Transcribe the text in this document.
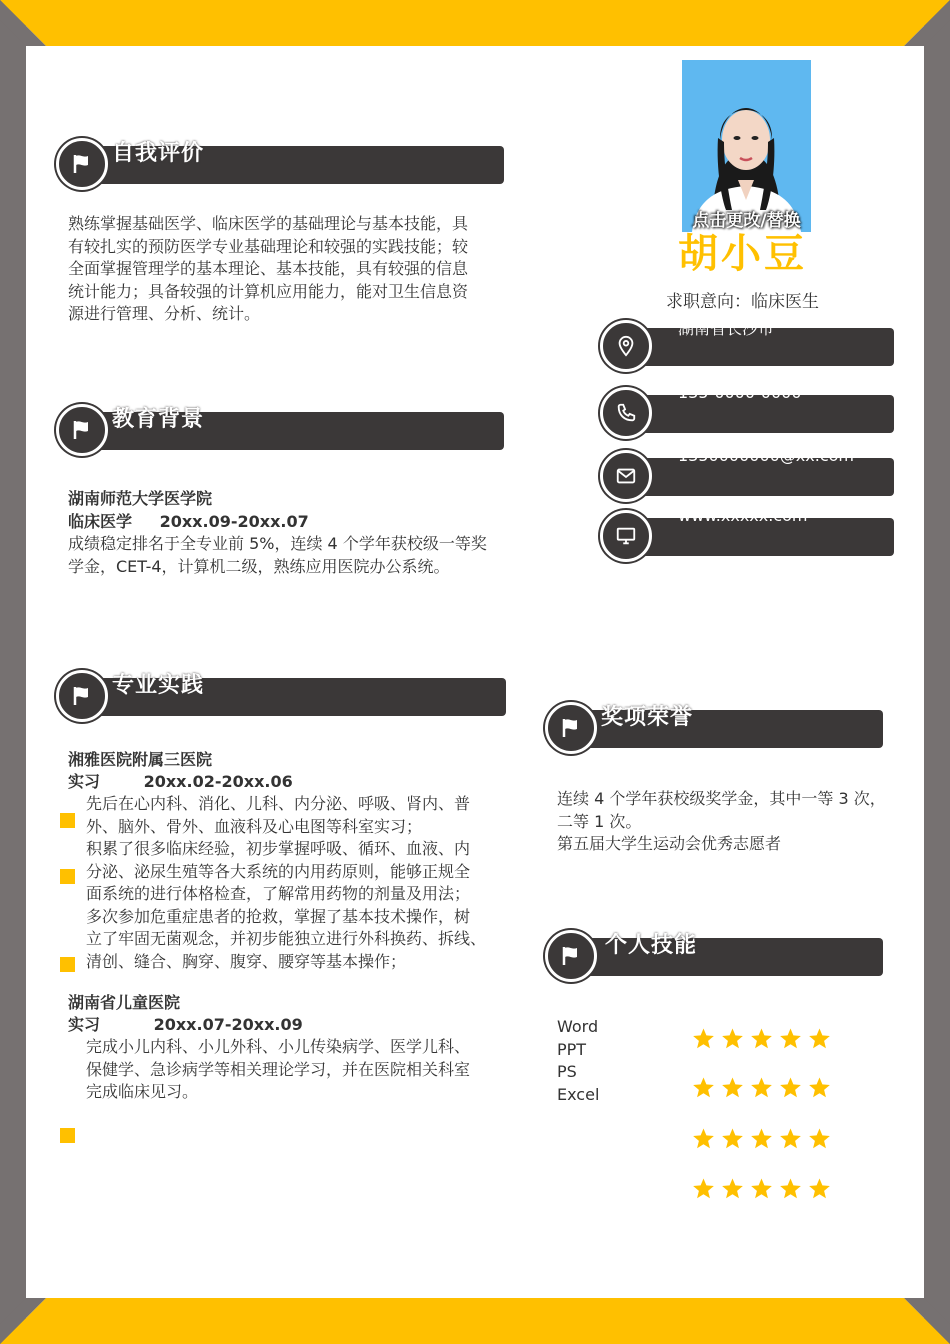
自我评价
熟练掌握基础医学、临床医学的基础理论与基本技能，具
有较扎实的预防医学专业基础理论和较强的实践技能；较
全面掌握管理学的基本理论、基本技能，具有较强的信息
统计能力；具备较强的计算机应用能力，能对卫生信息资
源进行管理、分析、统计。
教育背景
湖南师范大学医学院
临床医学 20xx.09-20xx.07
成绩稳定排名于全专业前 5%，连续 4 个学年获校级一等奖
学金，CET-4，计算机二级，熟练应用医院办公系统。
专业实践
湘雅医院附属三医院
实习	20xx.02-20xx.06
先后在心内科、消化、儿科、内分泌、呼吸、肾内、普
外、脑外、骨外、血液科及心电图等科室实习；
积累了很多临床经验，初步掌握呼吸、循环、血液、内
分泌、泌尿生殖等各大系统的内用药原则，能够正规全
面系统的进行体格检查，了解常用药物的剂量及用法；
多次参加危重症患者的抢救，掌握了基本技术操作，树
立了牢固无菌观念，并初步能独立进行外科换药、拆线、
清创、缝合、胸穿、腹穿、腰穿等基本操作；
湖南省儿童医院
实习	20xx.07-20xx.09
完成小儿内科、小儿外科、小儿传染病学、医学儿科、
保健学、急诊病学等相关理论学习，并在医院相关科室
完成临床见习。
点击更改/替换
胡小豆
求职意向：临床医生
湖南省长沙市
135-0000-0000
1350000000@xx.com
www.xxxxx.com
奖项荣誉
连续 4 个学年获校级奖学金，其中一等 3 次，
二等 1 次。
第五届大学生运动会优秀志愿者
个人技能
Word
PPT
PS
Excel
